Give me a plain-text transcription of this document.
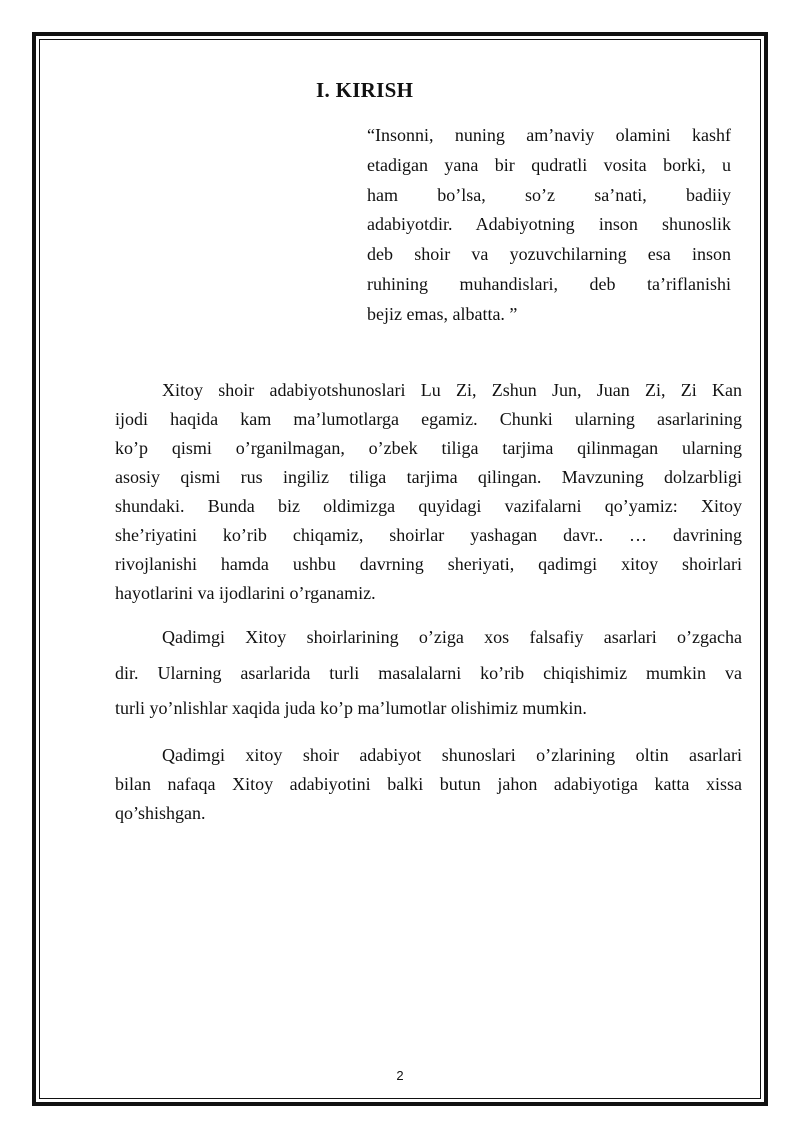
I. KIRISH
“Insonni, nuning am’naviy olamini kashf
etadigan yana bir qudratli vosita borki, u
ham bo’lsa, so’z sa’nati, badiiy
adabiyotdir. Adabiyotning inson shunoslik
deb shoir va yozuvchilarning esa inson
ruhining muhandislari, deb ta’riflanishi
bejiz emas, albatta. ”
Xitoy shoir adabiyotshunoslari Lu Zi, Zshun Jun, Juan Zi, Zi Kan
ijodi haqida kam ma’lumotlarga egamiz. Chunki ularning asarlarining
ko’p qismi o’rganilmagan, o’zbek tiliga tarjima qilinmagan ularning
asosiy qismi rus ingiliz tiliga tarjima qilingan. Mavzuning dolzarbligi
shundaki. Bunda biz oldimizga quyidagi vazifalarni qo’yamiz: Xitoy
she’riyatini ko’rib chiqamiz, shoirlar yashagan davr.. … davrining
rivojlanishi hamda ushbu davrning sheriyati, qadimgi xitoy shoirlari
hayotlarini va ijodlarini o’rganamiz.
Qadimgi Xitoy shoirlarining o’ziga xos falsafiy asarlari o’zgacha
dir. Ularning asarlarida turli masalalarni ko’rib chiqishimiz mumkin va
turli yo’nlishlar xaqida juda ko’p ma’lumotlar olishimiz mumkin.
Qadimgi xitoy shoir adabiyot shunoslari o’zlarining oltin asarlari
bilan nafaqa Xitoy adabiyotini balki butun jahon adabiyotiga katta xissa
qo’shishgan.
2
